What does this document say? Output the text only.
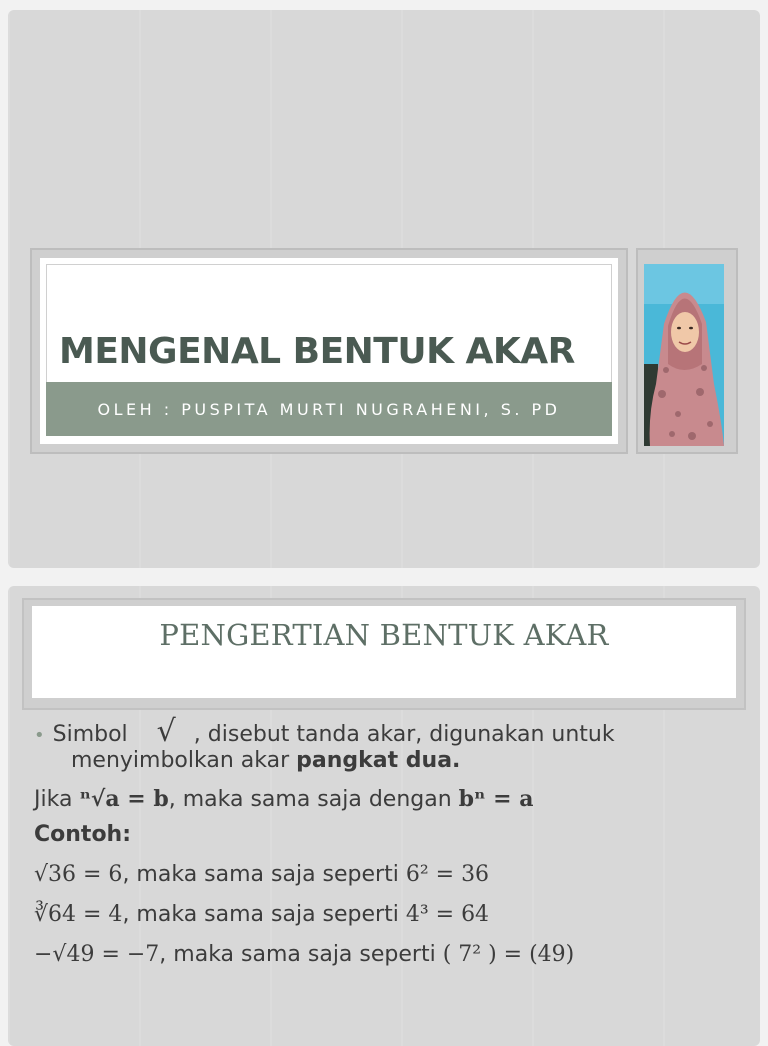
MENGENAL BENTUK AKAR
OLEH : PUSPITA MURTI NUGRAHENI, S. PD
PENGERTIAN BENTUK AKAR
• Simbol √ , disebut tanda akar, digunakan untuk
menyimbolkan akar pangkat dua.
Jika ⁿ√a = b, maka sama saja dengan bⁿ = a
Contoh:
√36 = 6, maka sama saja seperti 6² = 36
∛64 = 4, maka sama saja seperti 4³ = 64
−√49 = −7, maka sama saja seperti ( 7² ) = (49)
